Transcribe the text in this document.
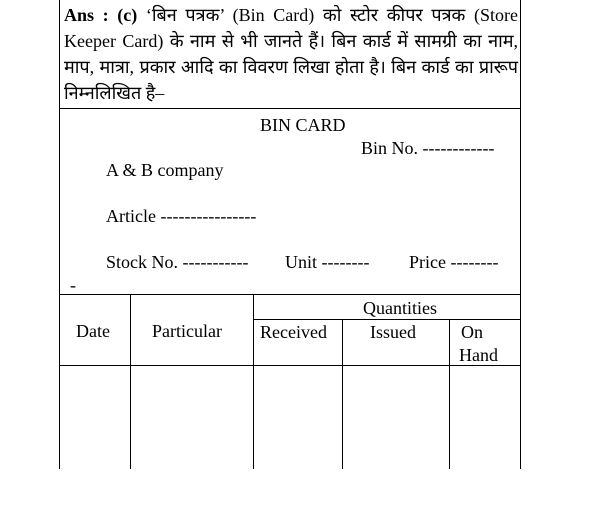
Ans : (c) ‘बिन पत्रक’ (Bin Card) को स्टोर कीपर पत्रक (Store Keeper Card) के नाम से भी जानते हैं। बिन कार्ड में सामग्री का नाम, माप, मात्रा, प्रकार आदि का विवरण लिखा होता है। बिन कार्ड का प्रारूप निम्नलिखित है–
BIN CARD
Bin No. ------------
A & B company
Article ----------------
Stock No. ----------- Unit -------- Price --------
-
Date Particular
Quantities
Received Issued	On
Hand
